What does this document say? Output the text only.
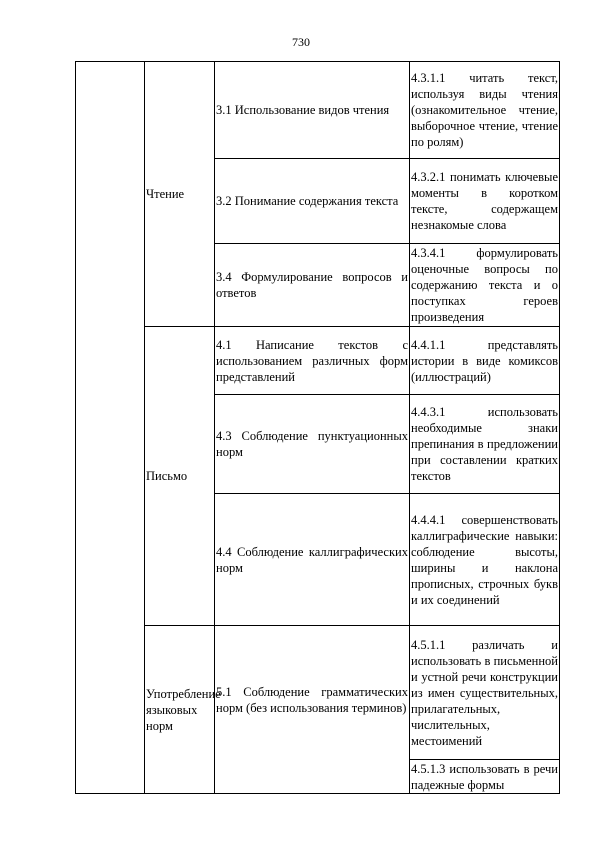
730
	Чтение	3.1 Использование видов чтения	4.3.1.1 читать текст, используя виды чтения (ознакомительное чтение, выборочное чтение, чтение по ролям)
		3.2 Понимание содержания текста	4.3.2.1 понимать ключевые моменты в коротком тексте, содержащем незнакомые слова
		3.4 Формулирование вопросов и ответов	4.3.4.1 формулировать оценочные вопросы по содержанию текста и о поступках героев произведения
	Письмо	4.1 Написание текстов с использованием различных форм представлений	4.4.1.1 представлять истории в виде комиксов (иллюстраций)
		4.3 Соблюдение пунктуационных норм	4.4.3.1 использовать необходимые знаки препинания в предложении при составлении кратких текстов
		4.4 Соблюдение каллиграфических норм	4.4.4.1 совершенствовать каллиграфические навыки: соблюдение высоты, ширины и наклона прописных, строчных букв и их соединений
	Употребление языковых норм	5.1 Соблюдение грамматических норм (без использования терминов)	4.5.1.1 различать и использовать в письменной и устной речи конструкции из имен существительных, прилагательных, числительных, местоимений
			4.5.1.3 использовать в речи падежные формы
